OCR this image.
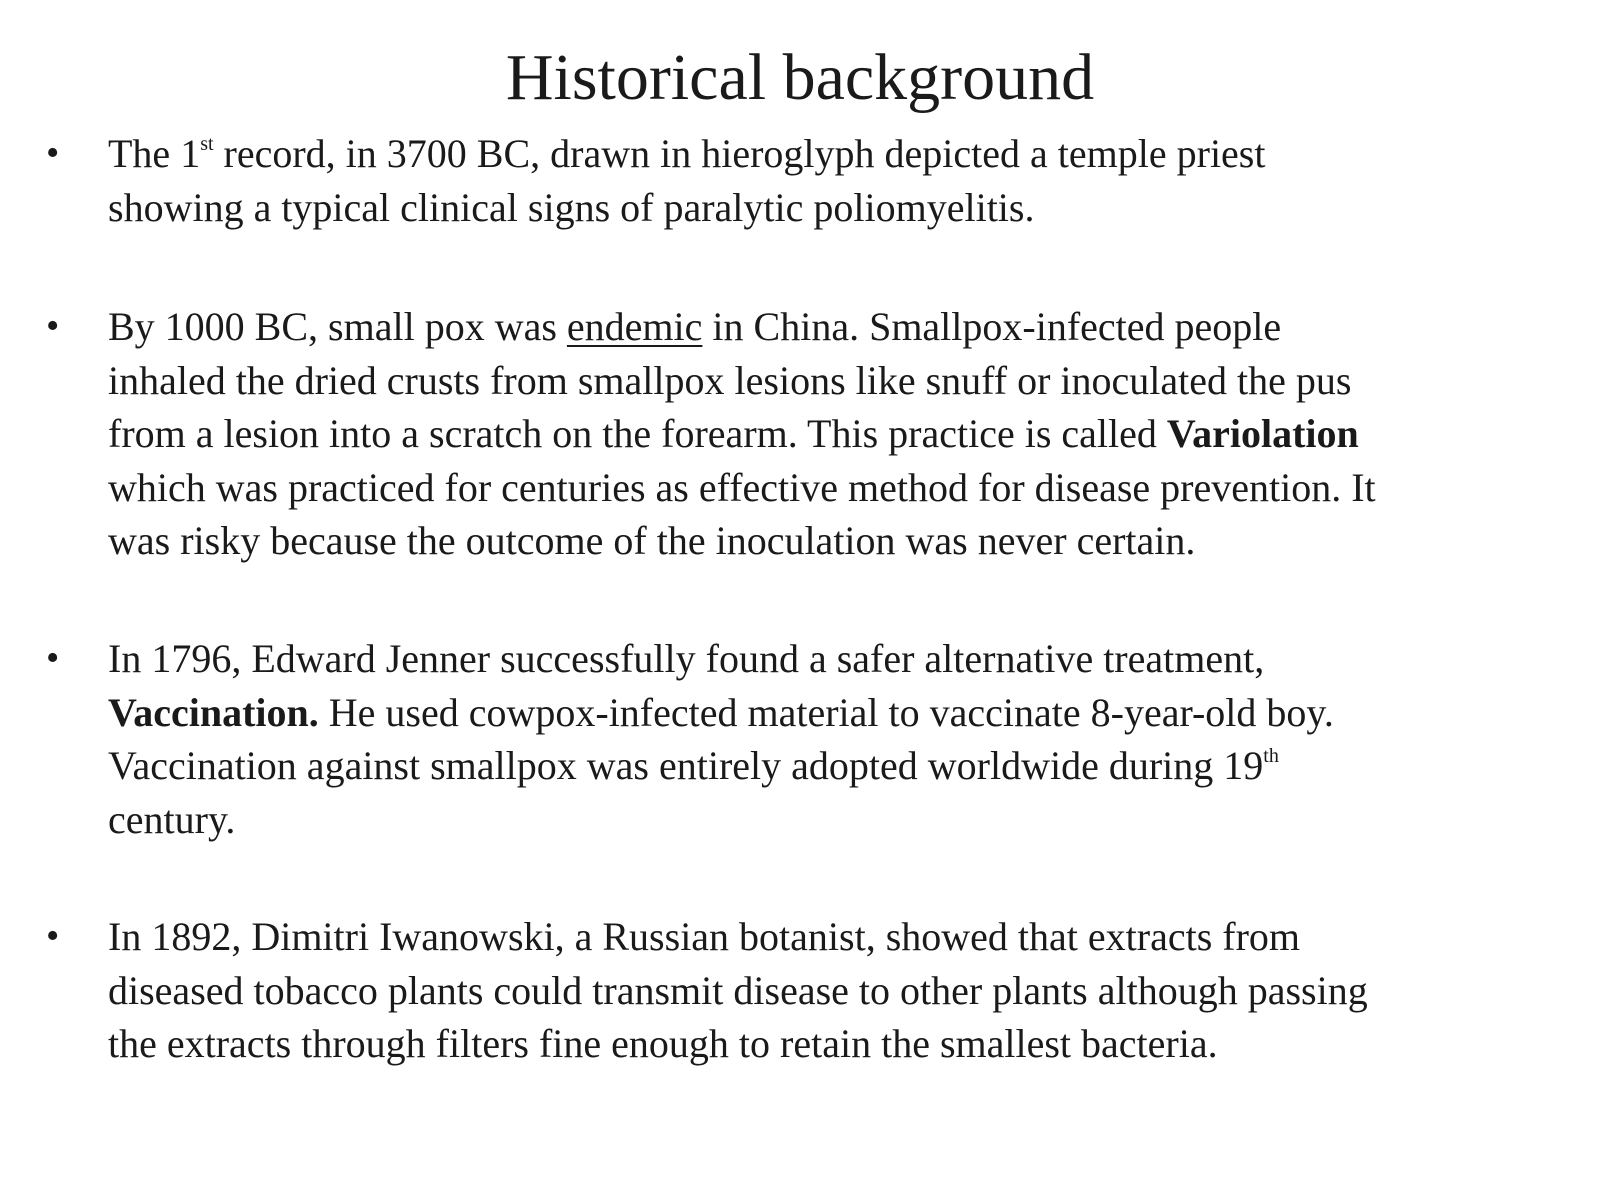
Historical background
• The 1st record, in 3700 BC, drawn in hieroglyph depicted a temple priest
showing a typical clinical signs of paralytic poliomyelitis.
• By 1000 BC, small pox was endemic in China. Smallpox-infected people
inhaled the dried crusts from smallpox lesions like snuff or inoculated the pus
from a lesion into a scratch on the forearm. This practice is called Variolation
which was practiced for centuries as effective method for disease prevention. It
was risky because the outcome of the inoculation was never certain.
• In 1796, Edward Jenner successfully found a safer alternative treatment,
Vaccination. He used cowpox-infected material to vaccinate 8-year-old boy.
Vaccination against smallpox was entirely adopted worldwide during 19th
century.
• In 1892, Dimitri Iwanowski, a Russian botanist, showed that extracts from
diseased tobacco plants could transmit disease to other plants although passing
the extracts through filters fine enough to retain the smallest bacteria.
